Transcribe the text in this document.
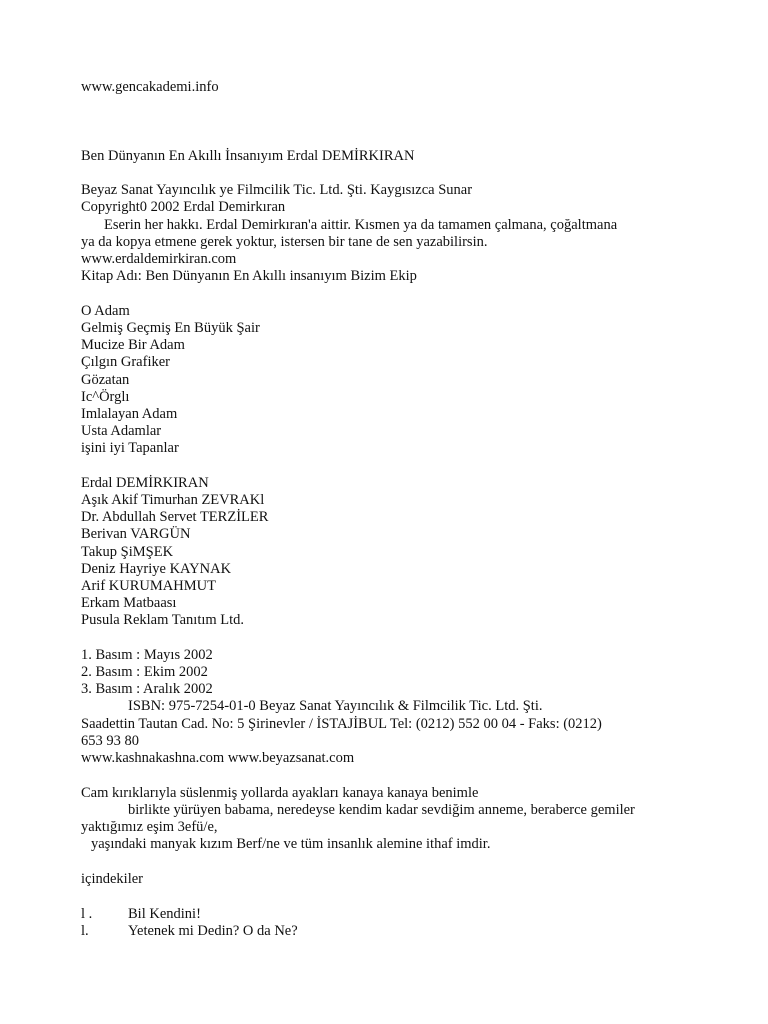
www.gencakademi.info
Ben Dünyanın En Akıllı İnsanıyım Erdal DEMİRKIRAN
Beyaz Sanat Yayıncılık ye Filmcilik Tic. Ltd. Şti. Kaygısızca Sunar
Copyright0 2002 Erdal Demirkıran
Eserin her hakkı. Erdal Demirkıran'a aittir. Kısmen ya da tamamen çalmana, çoğaltmana
ya da kopya etmene gerek yoktur, istersen bir tane de sen yazabilirsin.
www.erdaldemirkiran.com
Kitap Adı: Ben Dünyanın En Akıllı insanıyım Bizim Ekip
O Adam
Gelmiş Geçmiş En Büyük Şair
Mucize Bir Adam
Çılgın Grafiker
Gözatan
Ic^Örglı
Imlalayan Adam
Usta Adamlar
işini iyi Tapanlar
Erdal DEMİRKIRAN
Aşık Akif Timurhan ZEVRAKl
Dr. Abdullah Servet TERZİLER
Berivan VARGÜN
Takup ŞiMŞEK
Deniz Hayriye KAYNAK
Arif KURUMAHMUT
Erkam Matbaası
Pusula Reklam Tanıtım Ltd.
1. Basım : Mayıs 2002
2. Basım : Ekim 2002
3. Basım : Aralık 2002
ISBN: 975-7254-01-0 Beyaz Sanat Yayıncılık & Filmcilik Tic. Ltd. Şti.
Saadettin Tautan Cad. No: 5 Şirinevler / İSTAJİBUL Tel: (0212) 552 00 04 - Faks: (0212)
653 93 80
www.kashnakashna.com www.beyazsanat.com
Cam kırıklarıyla süslenmiş yollarda ayakları kanaya kanaya benimle
birlikte yürüyen babama, neredeyse kendim kadar sevdiğim anneme, beraberce gemiler
yaktığımız eşim 3efü/e,
yaşındaki manyak kızım Berf/ne ve tüm insanlık alemine ithaf imdir.
içindekiler
l . Bil Kendini!
l.	Yetenek mi Dedin? O da Ne?
